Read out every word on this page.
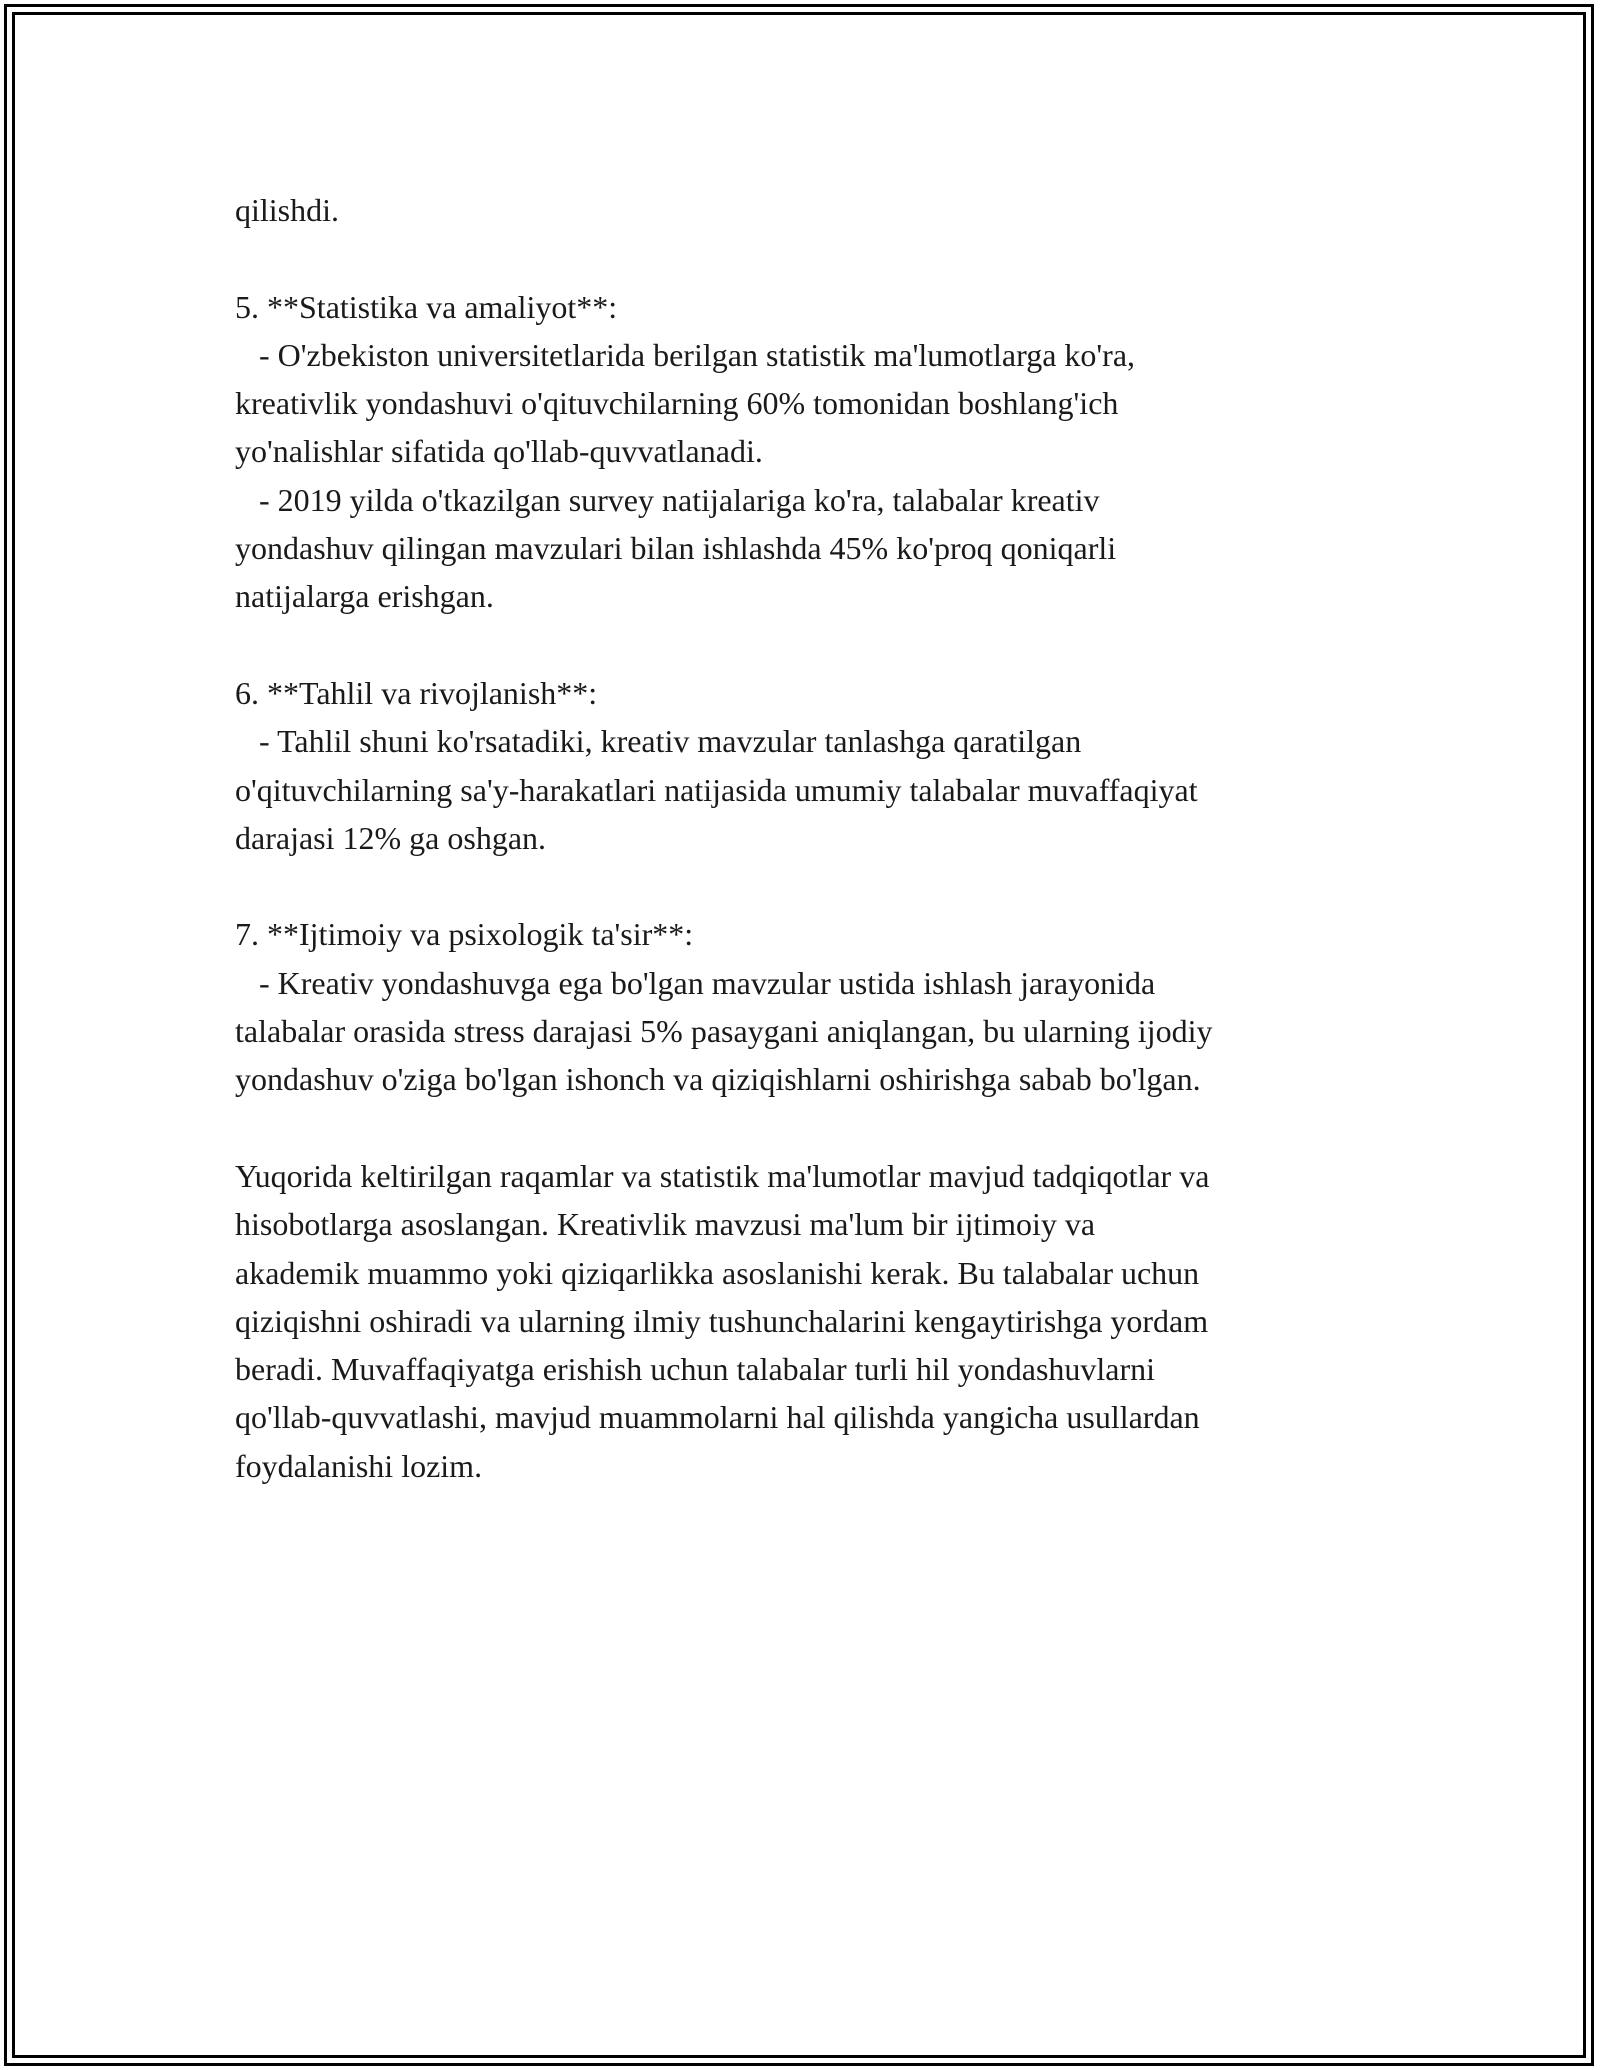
qilishdi.
5. **Statistika va amaliyot**:
- O'zbekiston universitetlarida berilgan statistik ma'lumotlarga ko'ra,
kreativlik yondashuvi o'qituvchilarning 60% tomonidan boshlang'ich
yo'nalishlar sifatida qo'llab-quvvatlanadi.
- 2019 yilda o'tkazilgan survey natijalariga ko'ra, talabalar kreativ
yondashuv qilingan mavzulari bilan ishlashda 45% ko'proq qoniqarli
natijalarga erishgan.
6. **Tahlil va rivojlanish**:
- Tahlil shuni ko'rsatadiki, kreativ mavzular tanlashga qaratilgan
o'qituvchilarning sa'y-harakatlari natijasida umumiy talabalar muvaffaqiyat
darajasi 12% ga oshgan.
7. **Ijtimoiy va psixologik ta'sir**:
- Kreativ yondashuvga ega bo'lgan mavzular ustida ishlash jarayonida
talabalar orasida stress darajasi 5% pasaygani aniqlangan, bu ularning ijodiy
yondashuv o'ziga bo'lgan ishonch va qiziqishlarni oshirishga sabab bo'lgan.
Yuqorida keltirilgan raqamlar va statistik ma'lumotlar mavjud tadqiqotlar va
hisobotlarga asoslangan. Kreativlik mavzusi ma'lum bir ijtimoiy va
akademik muammo yoki qiziqarlikka asoslanishi kerak. Bu talabalar uchun
qiziqishni oshiradi va ularning ilmiy tushunchalarini kengaytirishga yordam
beradi. Muvaffaqiyatga erishish uchun talabalar turli hil yondashuvlarni
qo'llab-quvvatlashi, mavjud muammolarni hal qilishda yangicha usullardan
foydalanishi lozim.
